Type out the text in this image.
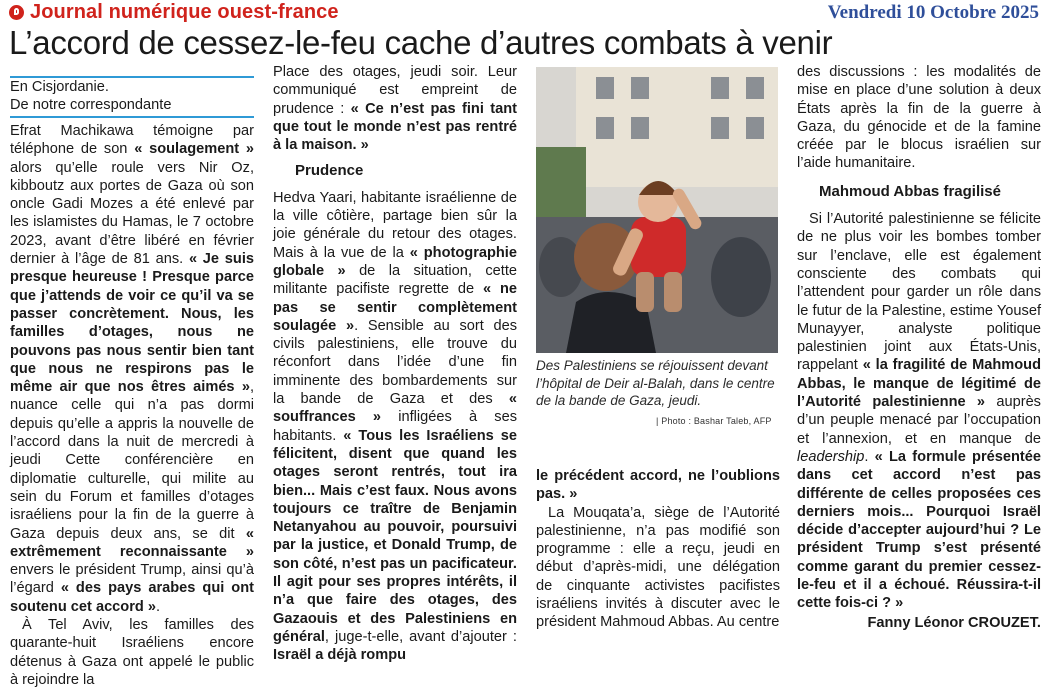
Journal numérique ouest-france	Vendredi 10 Octobre 2025
L’accord de cessez-le-feu cache d’autres combats à venir
En Cisjordanie.
De notre correspondante

Efrat Machikawa témoigne par téléphone de son « soulagement » alors qu’elle roule vers Nir Oz, kibboutz aux portes de Gaza où son oncle Gadi Mozes a été enlevé par les islamistes du Hamas, le 7 octobre 2023, avant d’être libéré en février dernier à l’âge de 81 ans. « Je suis presque heureuse ! Presque parce que j’attends de voir ce qu’il va se passer concrètement. Nous, les familles d’otages, nous ne pouvons pas nous sentir bien tant que nous ne respirons pas le même air que nos êtres aimés », nuance celle qui n’a pas dormi depuis qu’elle a appris la nouvelle de l’accord dans la nuit de mercredi à jeudi Cette conférencière en diplomatie culturelle, qui milite au sein du Forum et familles d’otages israéliens pour la fin de la guerre à Gaza depuis deux ans, se dit « extrêmement reconnaissante » envers le président Trump, ainsi qu’à l’égard « des pays arabes qui ont soutenu cet accord ».

À Tel Aviv, les familles des quarante-huit Israéliens encore détenus à Gaza ont appelé le public à rejoindre la

Place des otages, jeudi soir. Leur communiqué est empreint de prudence : « Ce n’est pas fini tant que tout le monde n’est pas rentré à la maison. »

Prudence

Hedva Yaari, habitante israélienne de la ville côtière, partage bien sûr la joie générale du retour des otages. Mais à la vue de la « photographie globale » de la situation, cette militante pacifiste regrette de « ne pas se sentir complètement soulagée ». Sensible au sort des civils palestiniens, elle trouve du réconfort dans l’idée d’une fin imminente des bombardements sur la bande de Gaza et des « souffrances » infligées à ses habitants. « Tous les Israéliens se félicitent, disent que quand les otages seront rentrés, tout ira bien... Mais c’est faux. Nous avons toujours ce traître de Benjamin Netanyahou au pouvoir, poursuivi par la justice, et Donald Trump, de son côté, n’est pas un pacificateur. Il agit pour ses propres intérêts, il n’a que faire des otages, des Gazaouis et des Palestiniens en général, juge-t-elle, avant d’ajouter : Israël a déjà rompu

Des Palestiniens se réjouissent devant l’hôpital de Deir al-Balah, dans le centre de la bande de Gaza, jeudi.
| Photo : Bashar Taleb, AFP

le précédent accord, ne l’oublions pas. »

La Mouqata’a, siège de l’Autorité palestinienne, n’a pas modifié son programme : elle a reçu, jeudi en début d’après-midi, une délégation de cinquante activistes pacifistes israéliens invités à discuter avec le président Mahmoud Abbas. Au centre

des discussions : les modalités de mise en place d’une solution à deux États après la fin de la guerre à Gaza, du génocide et de la famine créée par le blocus israélien sur l’aide humanitaire.

Mahmoud Abbas fragilisé

Si l’Autorité palestinienne se félicite de ne plus voir les bombes tomber sur l’enclave, elle est également consciente des combats qui l’attendent pour garder un rôle dans le futur de la Palestine, estime Yousef Munayyer, analyste politique palestinien joint aux États-Unis, rappelant « la fragilité de Mahmoud Abbas, le manque de légitimé de l’Autorité palestinienne » auprès d’un peuple menacé par l’occupation et l’annexion, et en manque de leadership. « La formule présentée dans cet accord n’est pas différente de celles proposées ces derniers mois... Pourquoi Israël décide d’accepter aujourd’hui ? Le président Trump s’est présenté comme garant du premier cessez-le-feu et il a échoué. Réussira-t-il cette fois-ci ? »

Fanny Léonor CROUZET.
